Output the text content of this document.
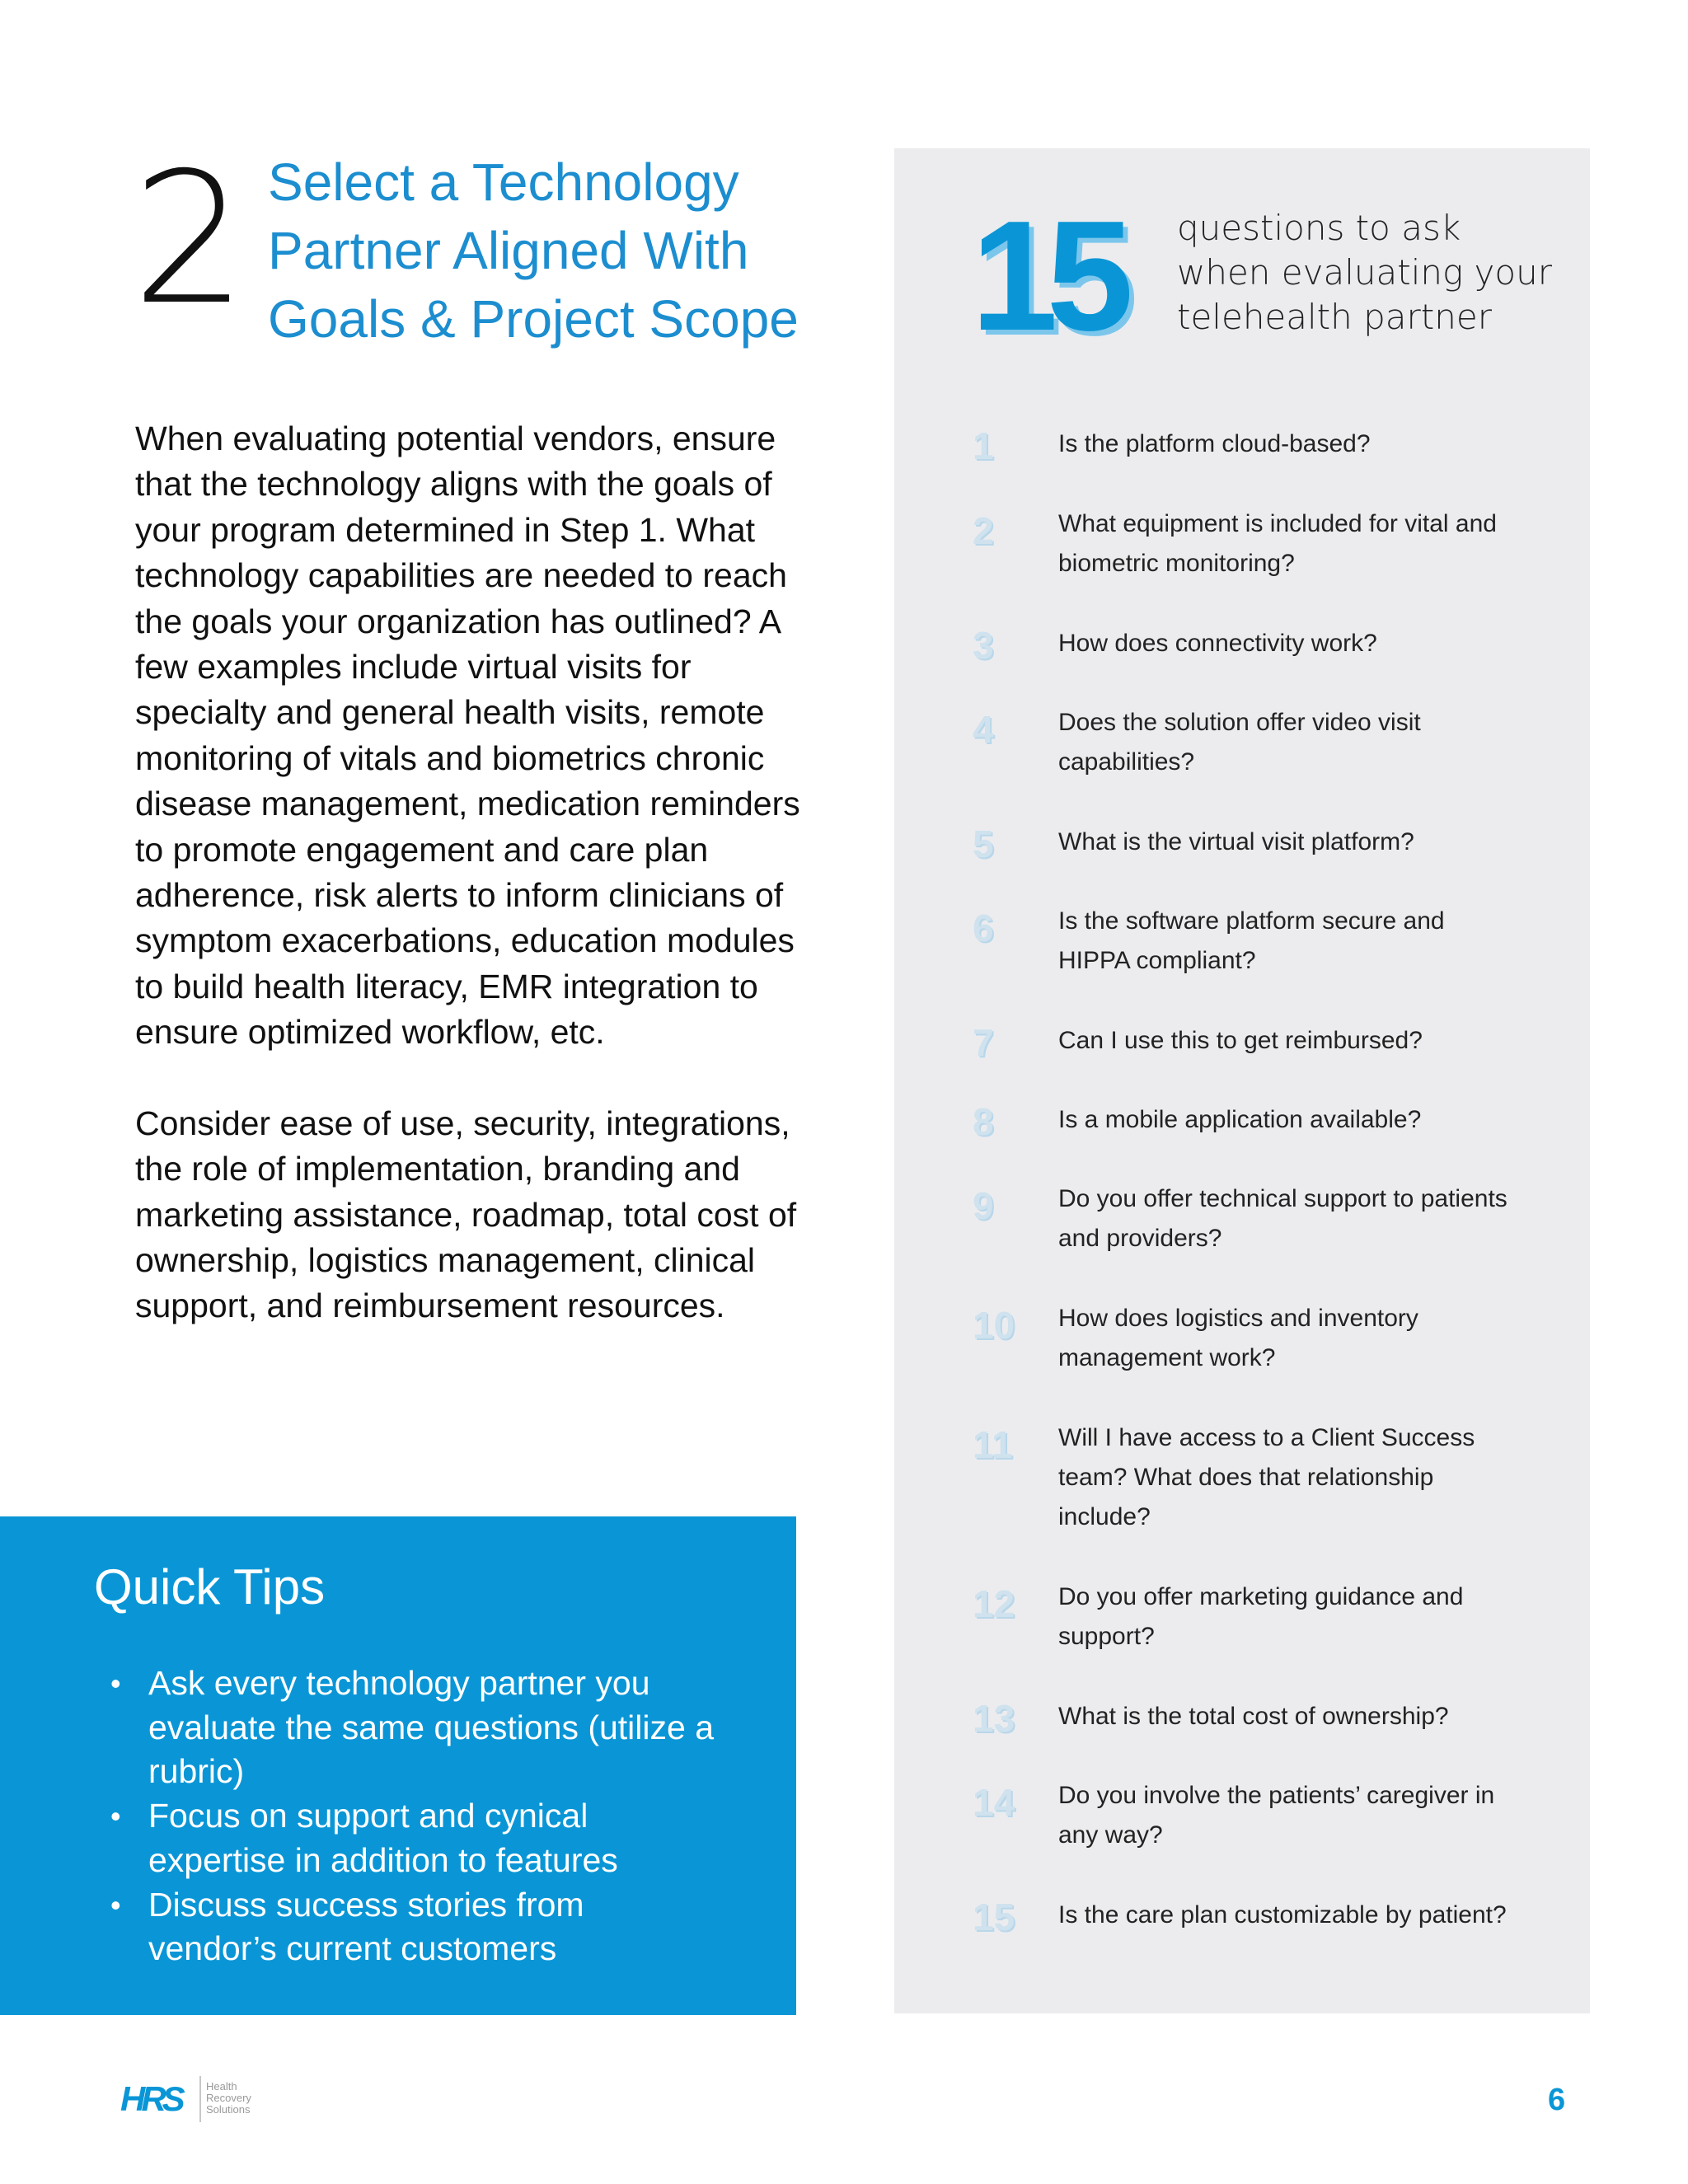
2 Select a Technology
Partner Aligned With
Goals & Project Scope

When evaluating potential vendors, ensure that the technology aligns with the goals of your program determined in Step 1. What technology capabilities are needed to reach the goals your organization has outlined? A few examples include virtual visits for specialty and general health visits, remote monitoring of vitals and biometrics chronic disease management, medication reminders to promote engagement and care plan adherence, risk alerts to inform clinicians of symptom exacerbations, education modules to build health literacy, EMR integration to ensure optimized workflow, etc.

Consider ease of use, security, integrations, the role of implementation, branding and marketing assistance, roadmap, total cost of ownership, logistics management, clinical support, and reimbursement resources.

Quick Tips
• Ask every technology partner you evaluate the same questions (utilize a rubric)
• Focus on support and cynical expertise in addition to features
• Discuss success stories from vendor’s current customers
15 questions to ask
when evaluating your
telehealth partner
1	Is the platform cloud-based?
2	What equipment is included for vital and biometric monitoring?
3	How does connectivity work?
4	Does the solution offer video visit capabilities?
5	What is the virtual visit platform?
6	Is the software platform secure and HIPPA compliant?
7	Can I use this to get reimbursed?
8	Is a mobile application available?
9	Do you offer technical support to patients and providers?
10	How does logistics and inventory management work?
11	Will I have access to a Client Success team? What does that relationship include?
12	Do you offer marketing guidance and support?
13	What is the total cost of ownership?
14	Do you involve the patients’ caregiver in any way?
15	Is the care plan customizable by patient?
HRS Health
Recovery
Solutions	6
